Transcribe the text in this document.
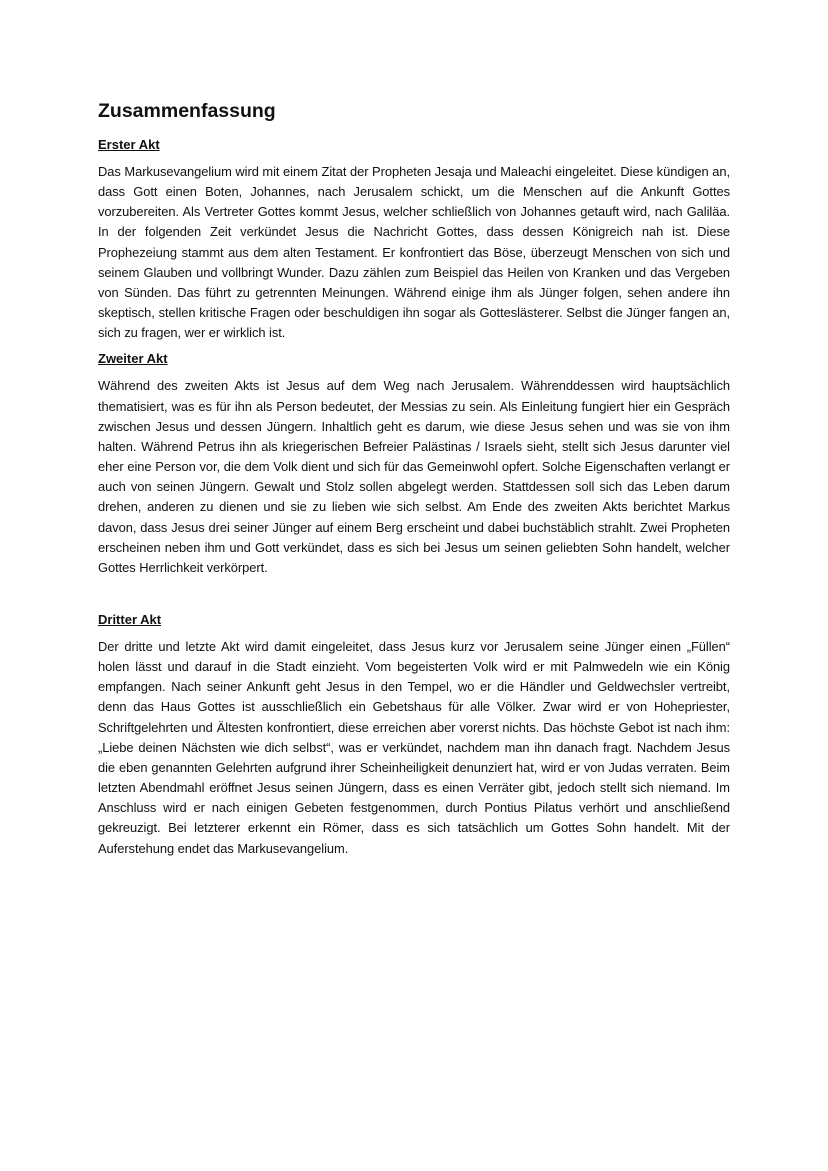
Zusammenfassung
Erster Akt

Das Markusevangelium wird mit einem Zitat der Propheten Jesaja und Maleachi eingeleitet. Diese kündigen an, dass Gott einen Boten, Johannes, nach Jerusalem schickt, um die Menschen auf die Ankunft Gottes vorzubereiten. Als Vertreter Gottes kommt Jesus, welcher schließlich von Johannes getauft wird, nach Galiläa. In der folgenden Zeit verkündet Jesus die Nachricht Gottes, dass dessen Königreich nah ist. Diese Prophezeiung stammt aus dem alten Testament. Er konfrontiert das Böse, überzeugt Menschen von sich und seinem Glauben und vollbringt Wunder. Dazu zählen zum Beispiel das Heilen von Kranken und das Vergeben von Sünden. Das führt zu getrennten Meinungen. Während einige ihm als Jünger folgen, sehen andere ihn skeptisch, stellen kritische Fragen oder beschuldigen ihn sogar als Gotteslästerer. Selbst die Jünger fangen an, sich zu fragen, wer er wirklich ist.

Zweiter Akt

Während des zweiten Akts ist Jesus auf dem Weg nach Jerusalem. Währenddessen wird hauptsächlich thematisiert, was es für ihn als Person bedeutet, der Messias zu sein. Als Einleitung fungiert hier ein Gespräch zwischen Jesus und dessen Jüngern. Inhaltlich geht es darum, wie diese Jesus sehen und was sie von ihm halten. Während Petrus ihn als kriegerischen Befreier Palästinas / Israels sieht, stellt sich Jesus darunter viel eher eine Person vor, die dem Volk dient und sich für das Gemeinwohl opfert. Solche Eigenschaften verlangt er auch von seinen Jüngern. Gewalt und Stolz sollen abgelegt werden. Stattdessen soll sich das Leben darum drehen, anderen zu dienen und sie zu lieben wie sich selbst. Am Ende des zweiten Akts berichtet Markus davon, dass Jesus drei seiner Jünger auf einem Berg erscheint und dabei buchstäblich strahlt. Zwei Propheten erscheinen neben ihm und Gott verkündet, dass es sich bei Jesus um seinen geliebten Sohn handelt, welcher Gottes Herrlichkeit verkörpert.

Dritter Akt

Der dritte und letzte Akt wird damit eingeleitet, dass Jesus kurz vor Jerusalem seine Jünger einen „Füllen“ holen lässt und darauf in die Stadt einzieht. Vom begeisterten Volk wird er mit Palmwedeln wie ein König empfangen. Nach seiner Ankunft geht Jesus in den Tempel, wo er die Händler und Geldwechsler vertreibt, denn das Haus Gottes ist ausschließlich ein Gebetshaus für alle Völker. Zwar wird er von Hohepriester, Schriftgelehrten und Ältesten konfrontiert, diese erreichen aber vorerst nichts. Das höchste Gebot ist nach ihm: „Liebe deinen Nächsten wie dich selbst“, was er verkündet, nachdem man ihn danach fragt. Nachdem Jesus die eben genannten Gelehrten aufgrund ihrer Scheinheiligkeit denunziert hat, wird er von Judas verraten. Beim letzten Abendmahl eröffnet Jesus seinen Jüngern, dass es einen Verräter gibt, jedoch stellt sich niemand. Im Anschluss wird er nach einigen Gebeten festgenommen, durch Pontius Pilatus verhört und anschließend gekreuzigt. Bei letzterer erkennt ein Römer, dass es sich tatsächlich um Gottes Sohn handelt. Mit der Auferstehung endet das Markusevangelium.
